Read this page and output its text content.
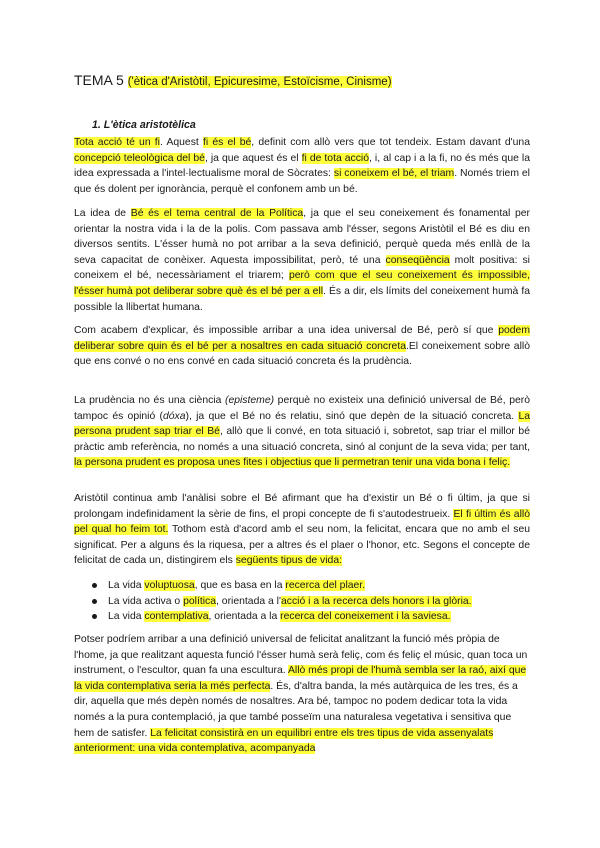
TEMA 5 ('ètica d'Aristòtil, Epicuresime, Estoïcisme, Cinisme)
1. L'ètica aristotèlica

Tota acció té un fi. Aquest fi és el bé, definit com allò vers que tot tendeix. Estam davant d'una concepció teleològica del bé, ja que aquest és el fi de tota acció, i, al cap i a la fi, no és més que la idea expressada a l'intel·lectualisme moral de Sòcrates: si coneixem el bé, el triam. Només triem el que és dolent per ignorància, perquè el confonem amb un bé.

La idea de Bé és el tema central de la Política, ja que el seu coneixement és fonamental per orientar la nostra vida i la de la polis. Com passava amb l'ésser, segons Aristòtil el Bé es diu en diversos sentits. L'ésser humà no pot arribar a la seva definició, perquè queda més enllà de la seva capacitat de conèixer. Aquesta impossibilitat, però, té una conseqüència molt positiva: si coneixem el bé, necessàriament el triarem; però com que el seu coneixement és impossible, l'ésser humà pot deliberar sobre què és el bé per a ell. És a dir, els límits del coneixement humà fa possible la llibertat humana.

Com acabem d'explicar, és impossible arribar a una idea universal de Bé, però sí que podem deliberar sobre quin és el bé per a nosaltres en cada situació concreta.El coneixement sobre allò que ens convé o no ens convé en cada situació concreta és la prudència.

La prudència no és una ciència (episteme) perquè no existeix una definició universal de Bé, però tampoc és opinió (dóxa), ja que el Bé no és relatiu, sinó que depèn de la situació concreta. La persona prudent sap triar el Bé, allò que li convé, en tota situació i, sobretot, sap triar el millor bé pràctic amb referència, no només a una situació concreta, sinó al conjunt de la seva vida; per tant, la persona prudent es proposa unes fites i objectius que li permetran tenir una vida bona i feliç.

Aristòtil continua amb l'anàlisi sobre el Bé afirmant que ha d'existir un Bé o fi últim, ja que si prolongam indefinidament la sèrie de fins, el propi concepte de fi s'autodestrueix. El fi últim és allò pel qual ho feim tot. Tothom està d'acord amb el seu nom, la felicitat, encara que no amb el seu significat. Per a alguns és la riquesa, per a altres és el plaer o l'honor, etc. Segons el concepte de felicitat de cada un, distingirem els següents tipus de vida:

La vida voluptuosa, que es basa en la recerca del plaer.
La vida activa o política, orientada a l'acció i a la recerca dels honors i la glòria.
La vida contemplativa, orientada a la recerca del coneixement i la saviesa.

Potser podríem arribar a una definició universal de felicitat analitzant la funció més pròpia de l'home, ja que realitzant aquesta funció l'ésser humà serà feliç, com és feliç el músic, quan toca un instrument, o l'escultor, quan fa una escultura. Allò més propi de l'humà sembla ser la raó, així que la vida contemplativa seria la més perfecta. És, d'altra banda, la més autàrquica de les tres, és a dir, aquella que més depèn només de nosaltres. Ara bé, tampoc no podem dedicar tota la vida només a la pura contemplació, ja que també posseïm una naturalesa vegetativa i sensitiva que hem de satisfer. La felicitat consistirà en un equilibri entre els tres tipus de vida assenyalats anteriorment: una vida contemplativa, acompanyada
